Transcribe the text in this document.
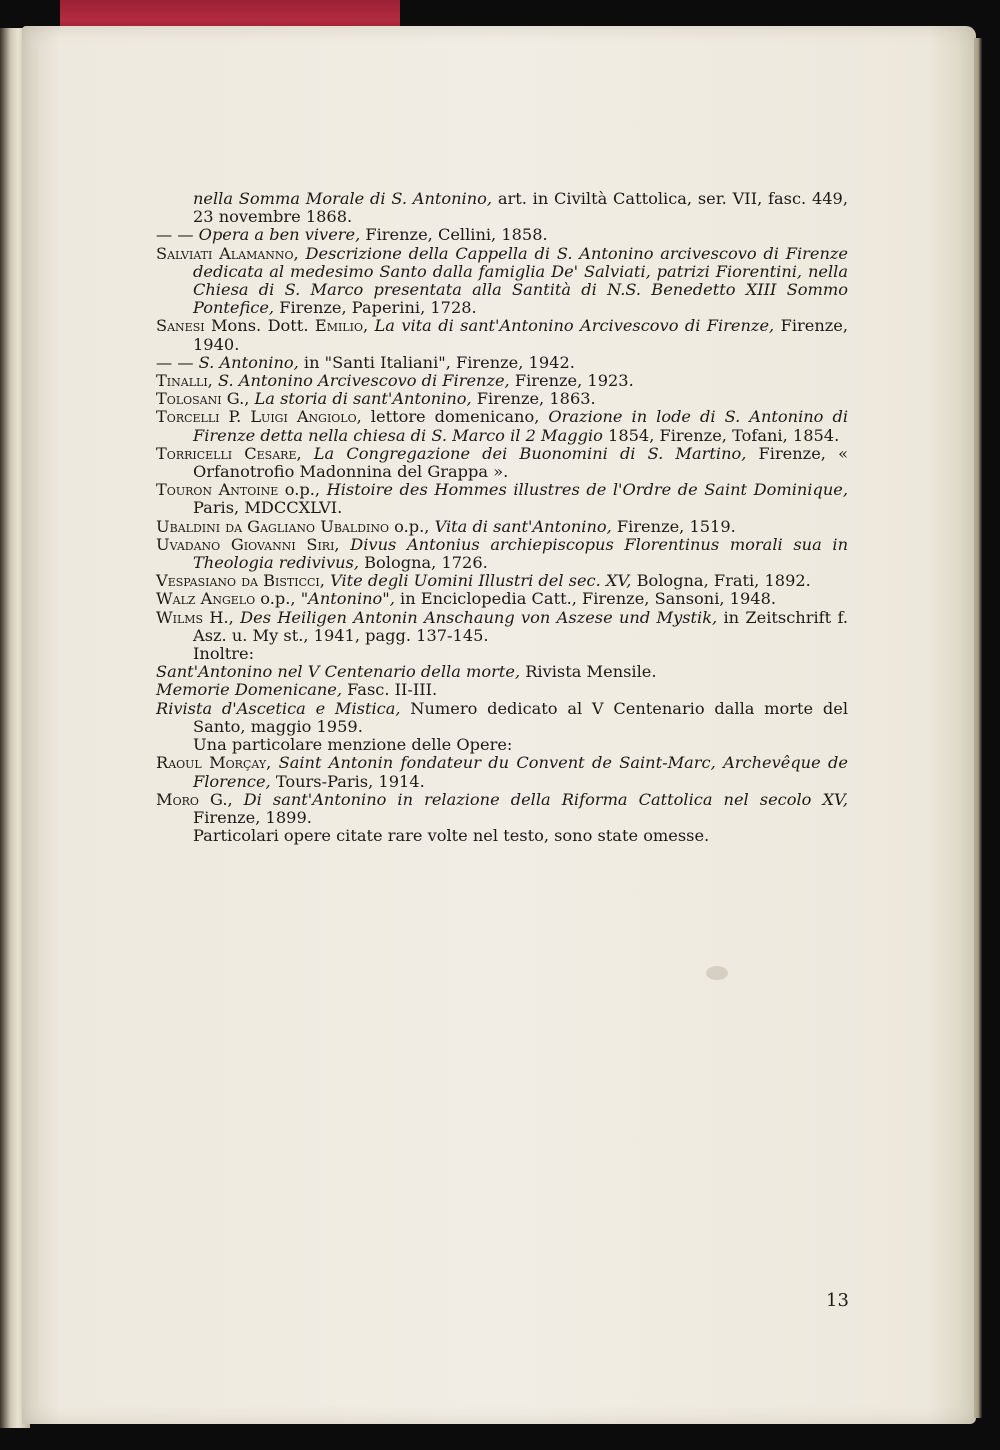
nella Somma Morale di S. Antonino, art. in Civiltà Cattolica, ser. VII, fasc. 449, 23 novembre 1868.
— — Opera a ben vivere, Firenze, Cellini, 1858.
Salviati Alamanno, Descrizione della Cappella di S. Antonino arcivescovo di Firenze dedicata al medesimo Santo dalla famiglia De' Salviati, patrizi Fiorentini, nella Chiesa di S. Marco presentata alla Santità di N.S. Benedetto XIII Sommo Pontefice, Firenze, Paperini, 1728.
Sanesi Mons. Dott. Emilio, La vita di sant'Antonino Arcivescovo di Firenze, Firenze, 1940.
— — S. Antonino, in "Santi Italiani", Firenze, 1942.
Tinalli, S. Antonino Arcivescovo di Firenze, Firenze, 1923.
Tolosani G., La storia di sant'Antonino, Firenze, 1863.
Torcelli P. Luigi Angiolo, lettore domenicano, Orazione in lode di S. Antonino di Firenze detta nella chiesa di S. Marco il 2 Maggio 1854, Firenze, Tofani, 1854.
Torricelli Cesare, La Congregazione dei Buonomini di S. Martino, Firenze, « Orfanotrofio Madonnina del Grappa ».
Touron Antoine o.p., Histoire des Hommes illustres de l'Ordre de Saint Dominique, Paris, MDCCXLVI.
Ubaldini da Gagliano Ubaldino o.p., Vita di sant'Antonino, Firenze, 1519.
Uvadano Giovanni Siri, Divus Antonius archiepiscopus Florentinus morali sua in Theologia redivivus, Bologna, 1726.
Vespasiano da Bisticci, Vite degli Uomini Illustri del sec. XV, Bologna, Frati, 1892.
Walz Angelo o.p., "Antonino", in Enciclopedia Catt., Firenze, Sansoni, 1948.
Wilms H., Des Heiligen Antonin Anschaung von Aszese und Mystik, in Zeitschrift f. Asz. u. My st., 1941, pagg. 137-145.
Inoltre:
Sant'Antonino nel V Centenario della morte, Rivista Mensile.
Memorie Domenicane, Fasc. II-III.
Rivista d'Ascetica e Mistica, Numero dedicato al V Centenario dalla morte del Santo, maggio 1959.
Una particolare menzione delle Opere:
Raoul Morçay, Saint Antonin fondateur du Convent de Saint-Marc, Archevêque de Florence, Tours-Paris, 1914.
Moro G., Di sant'Antonino in relazione della Riforma Cattolica nel secolo XV, Firenze, 1899.
Particolari opere citate rare volte nel testo, sono state omesse.
13
